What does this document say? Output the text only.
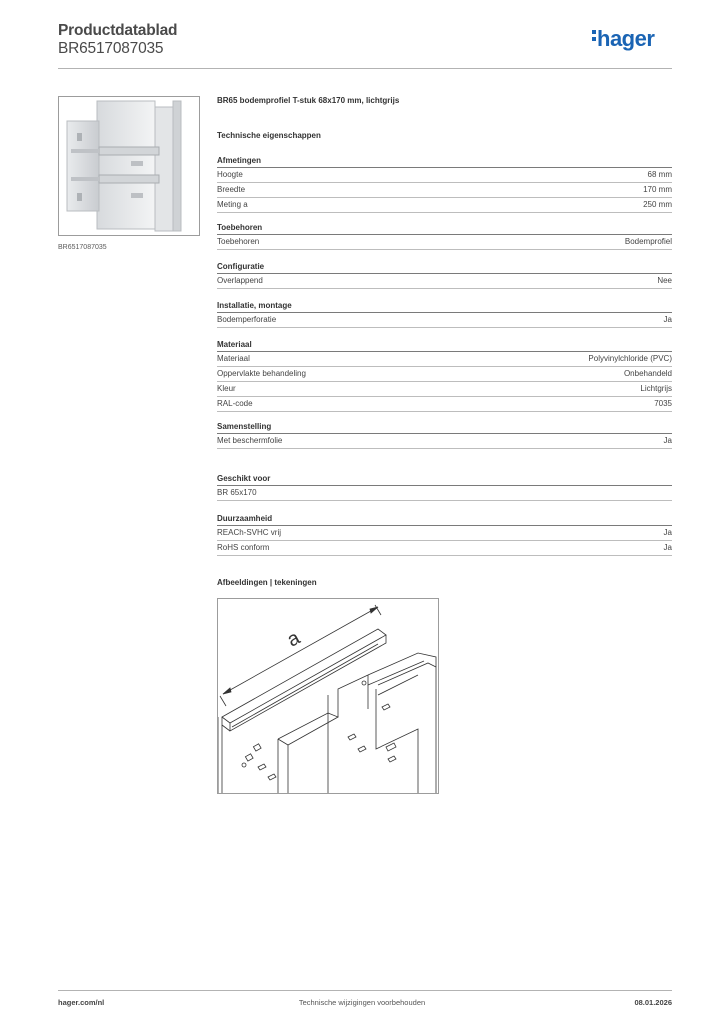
Productdatablad
BR6517087035	hager
BR6517087035
BR65 bodemprofiel T-stuk 68x170 mm, lichtgrijs
Technische eigenschappen
Afmetingen
Hoogte	68 mm
Breedte	170 mm
Meting a	250 mm
Toebehoren
Toebehoren	Bodemprofiel
Configuratie
Overlappend	Nee
Installatie, montage
Bodemperforatie	Ja
Materiaal
Materiaal	Polyvinylchloride (PVC)
Oppervlakte behandeling	Onbehandeld
Kleur	Lichtgrijs
RAL-code	7035
Samenstelling
Met beschermfolie	Ja
Geschikt voor
BR 65x170
Duurzaamheid
REACh-SVHC vrij	Ja
RoHS conform	Ja
Afbeeldingen | tekeningen
a
hager.com/nl	Technische wijzigingen voorbehouden	08.01.2026
